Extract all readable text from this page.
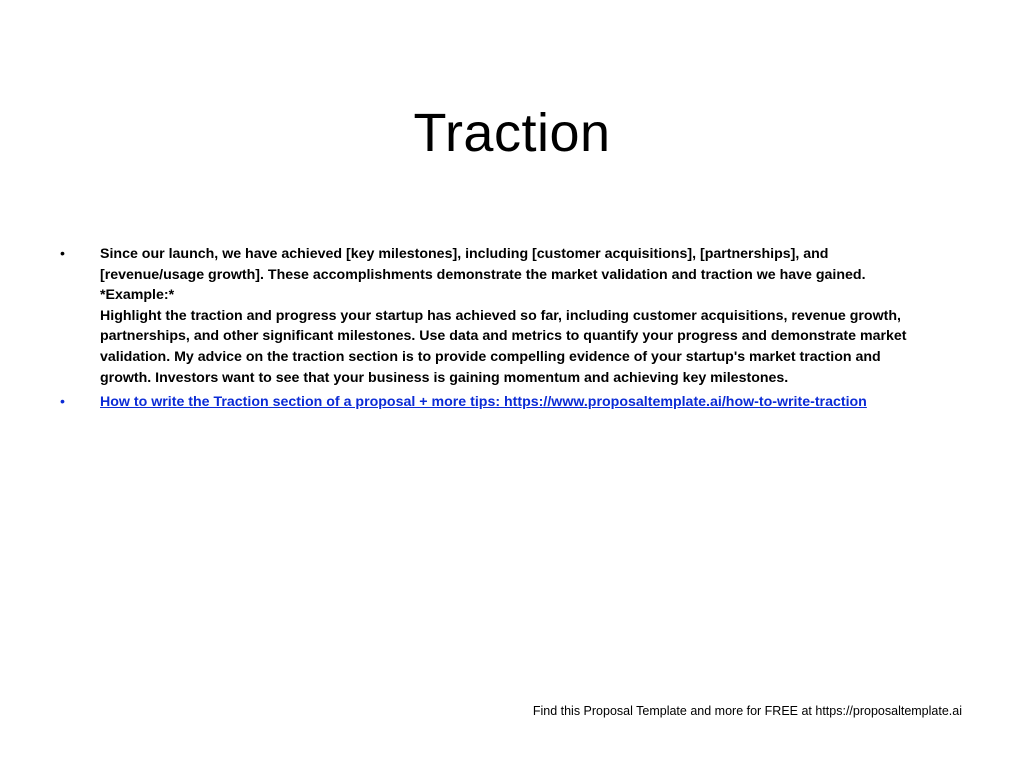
Traction
• Since our launch, we have achieved [key milestones], including [customer acquisitions], [partnerships], and
[revenue/usage growth]. These accomplishments demonstrate the market validation and traction we have gained.
*Example:*
Highlight the traction and progress your startup has achieved so far, including customer acquisitions, revenue growth,
partnerships, and other significant milestones. Use data and metrics to quantify your progress and demonstrate market
validation. My advice on the traction section is to provide compelling evidence of your startup's market traction and
growth. Investors want to see that your business is gaining momentum and achieving key milestones.
• How to write the Traction section of a proposal + more tips: https://www.proposaltemplate.ai/how-to-write-traction
Find this Proposal Template and more for FREE at https://proposaltemplate.ai
